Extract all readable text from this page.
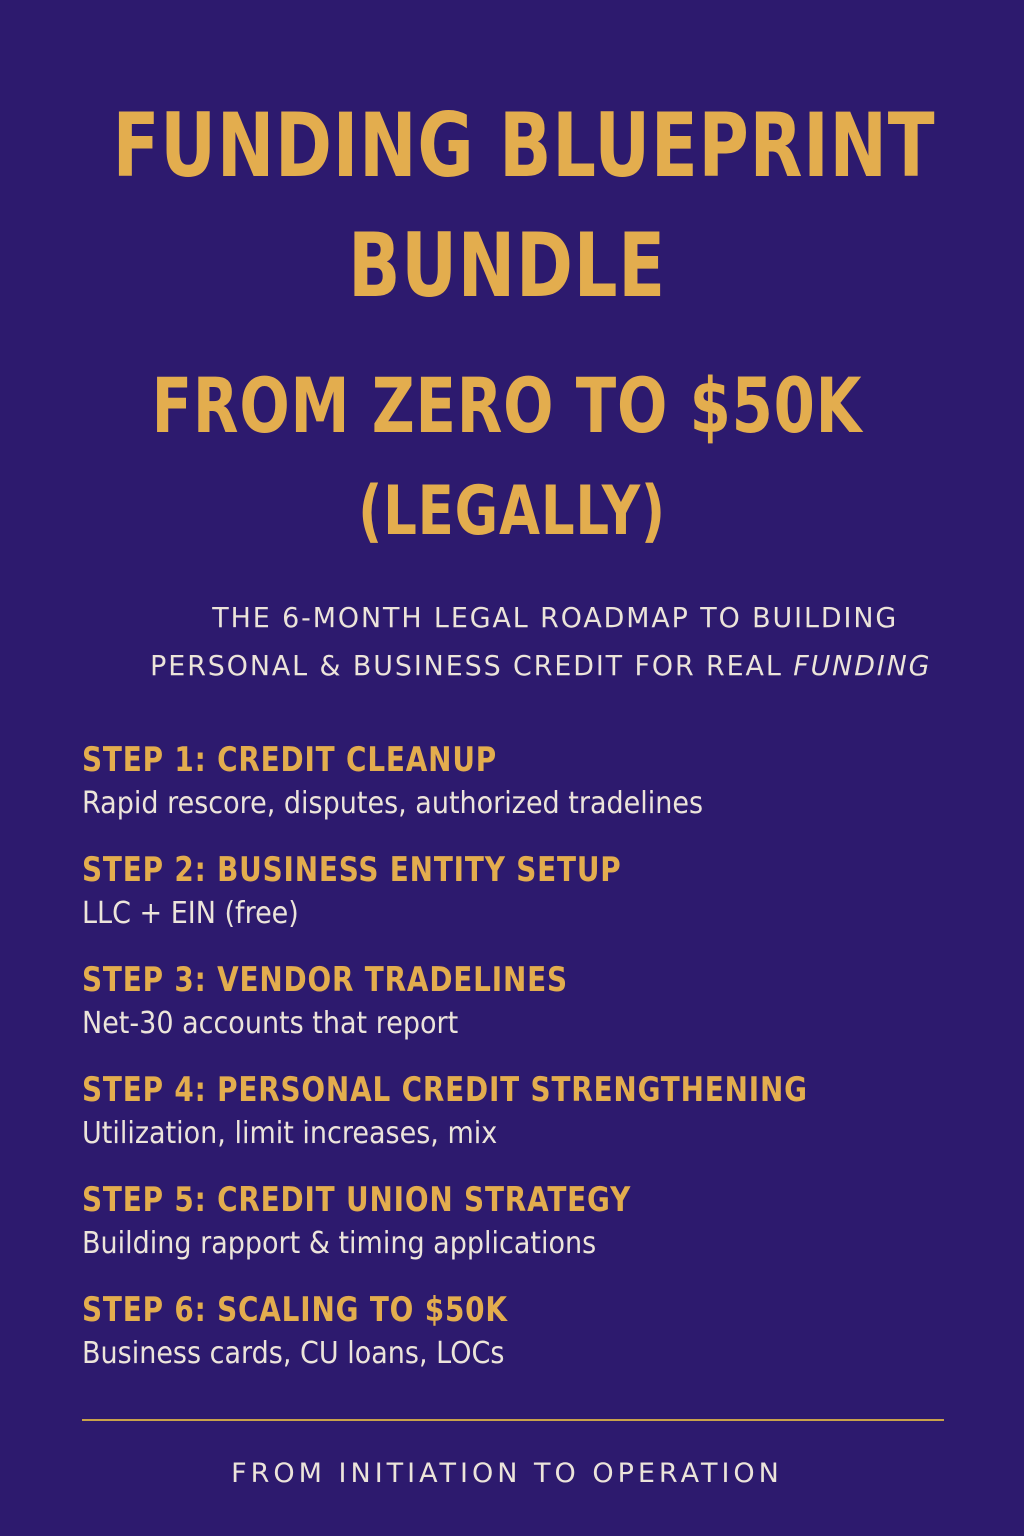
FUNDING BLUEPRINT
BUNDLE
FROM ZERO TO $50K
(LEGALLY)
THE 6-MONTH LEGAL ROADMAP TO BUILDING
PERSONAL & BUSINESS CREDIT FOR REAL FUNDING
STEP 1: CREDIT CLEANUP
Rapid rescore, disputes, authorized tradelines
STEP 2: BUSINESS ENTITY SETUP
LLC + EIN (free)
STEP 3: VENDOR TRADELINES
Net-30 accounts that report
STEP 4: PERSONAL CREDIT STRENGTHENING
Utilization, limit increases, mix
STEP 5: CREDIT UNION STRATEGY
Building rapport & timing applications
STEP 6: SCALING TO $50K
Business cards, CU loans, LOCs
FROM INITIATION TO OPERATION
